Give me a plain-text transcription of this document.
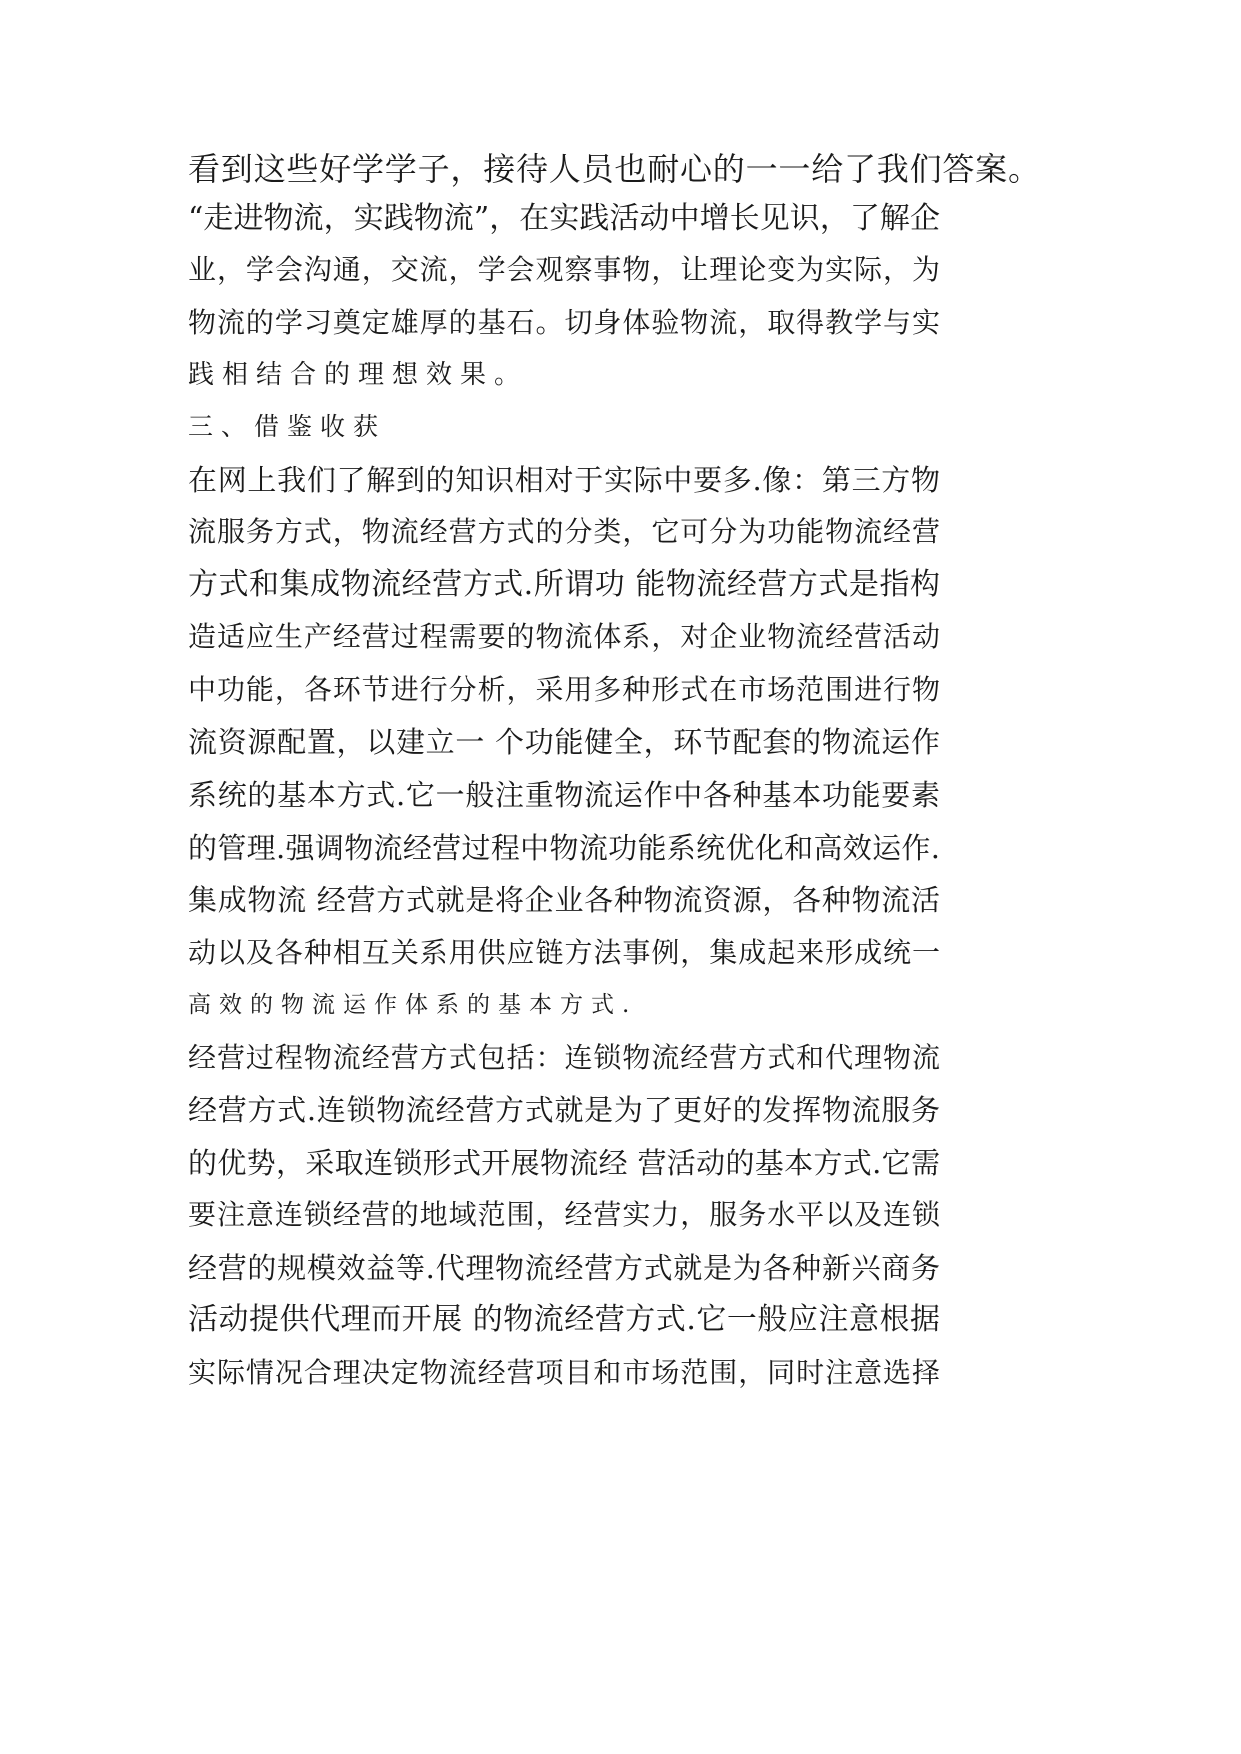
看到这些好学学子，接待人员也耐心的一一给了我们答案。
“走进物流，实践物流”，在实践活动中增长见识，了解企
业，学会沟通，交流，学会观察事物，让理论变为实际，为
物流的学习奠定雄厚的基石。切身体验物流，取得教学与实
践相结合的理想效果。
三、借鉴收获
在网上我们了解到的知识相对于实际中要多.像：第三方物
流服务方式，物流经营方式的分类，它可分为功能物流经营
方式和集成物流经营方式.所谓功 能物流经营方式是指构
造适应生产经营过程需要的物流体系，对企业物流经营活动
中功能，各环节进行分析，采用多种形式在市场范围进行物
流资源配置，以建立一 个功能健全，环节配套的物流运作
系统的基本方式.它一般注重物流运作中各种基本功能要素
的管理.强调物流经营过程中物流功能系统优化和高效运作.
集成物流 经营方式就是将企业各种物流资源，各种物流活
动以及各种相互关系用供应链方法事例，集成起来形成统一
高效的物流运作体系的基本方式.
经营过程物流经营方式包括：连锁物流经营方式和代理物流
经营方式.连锁物流经营方式就是为了更好的发挥物流服务
的优势，采取连锁形式开展物流经 营活动的基本方式.它需
要注意连锁经营的地域范围，经营实力，服务水平以及连锁
经营的规模效益等.代理物流经营方式就是为各种新兴商务
活动提供代理而开展 的物流经营方式.它一般应注意根据
实际情况合理决定物流经营项目和市场范围，同时注意选择
